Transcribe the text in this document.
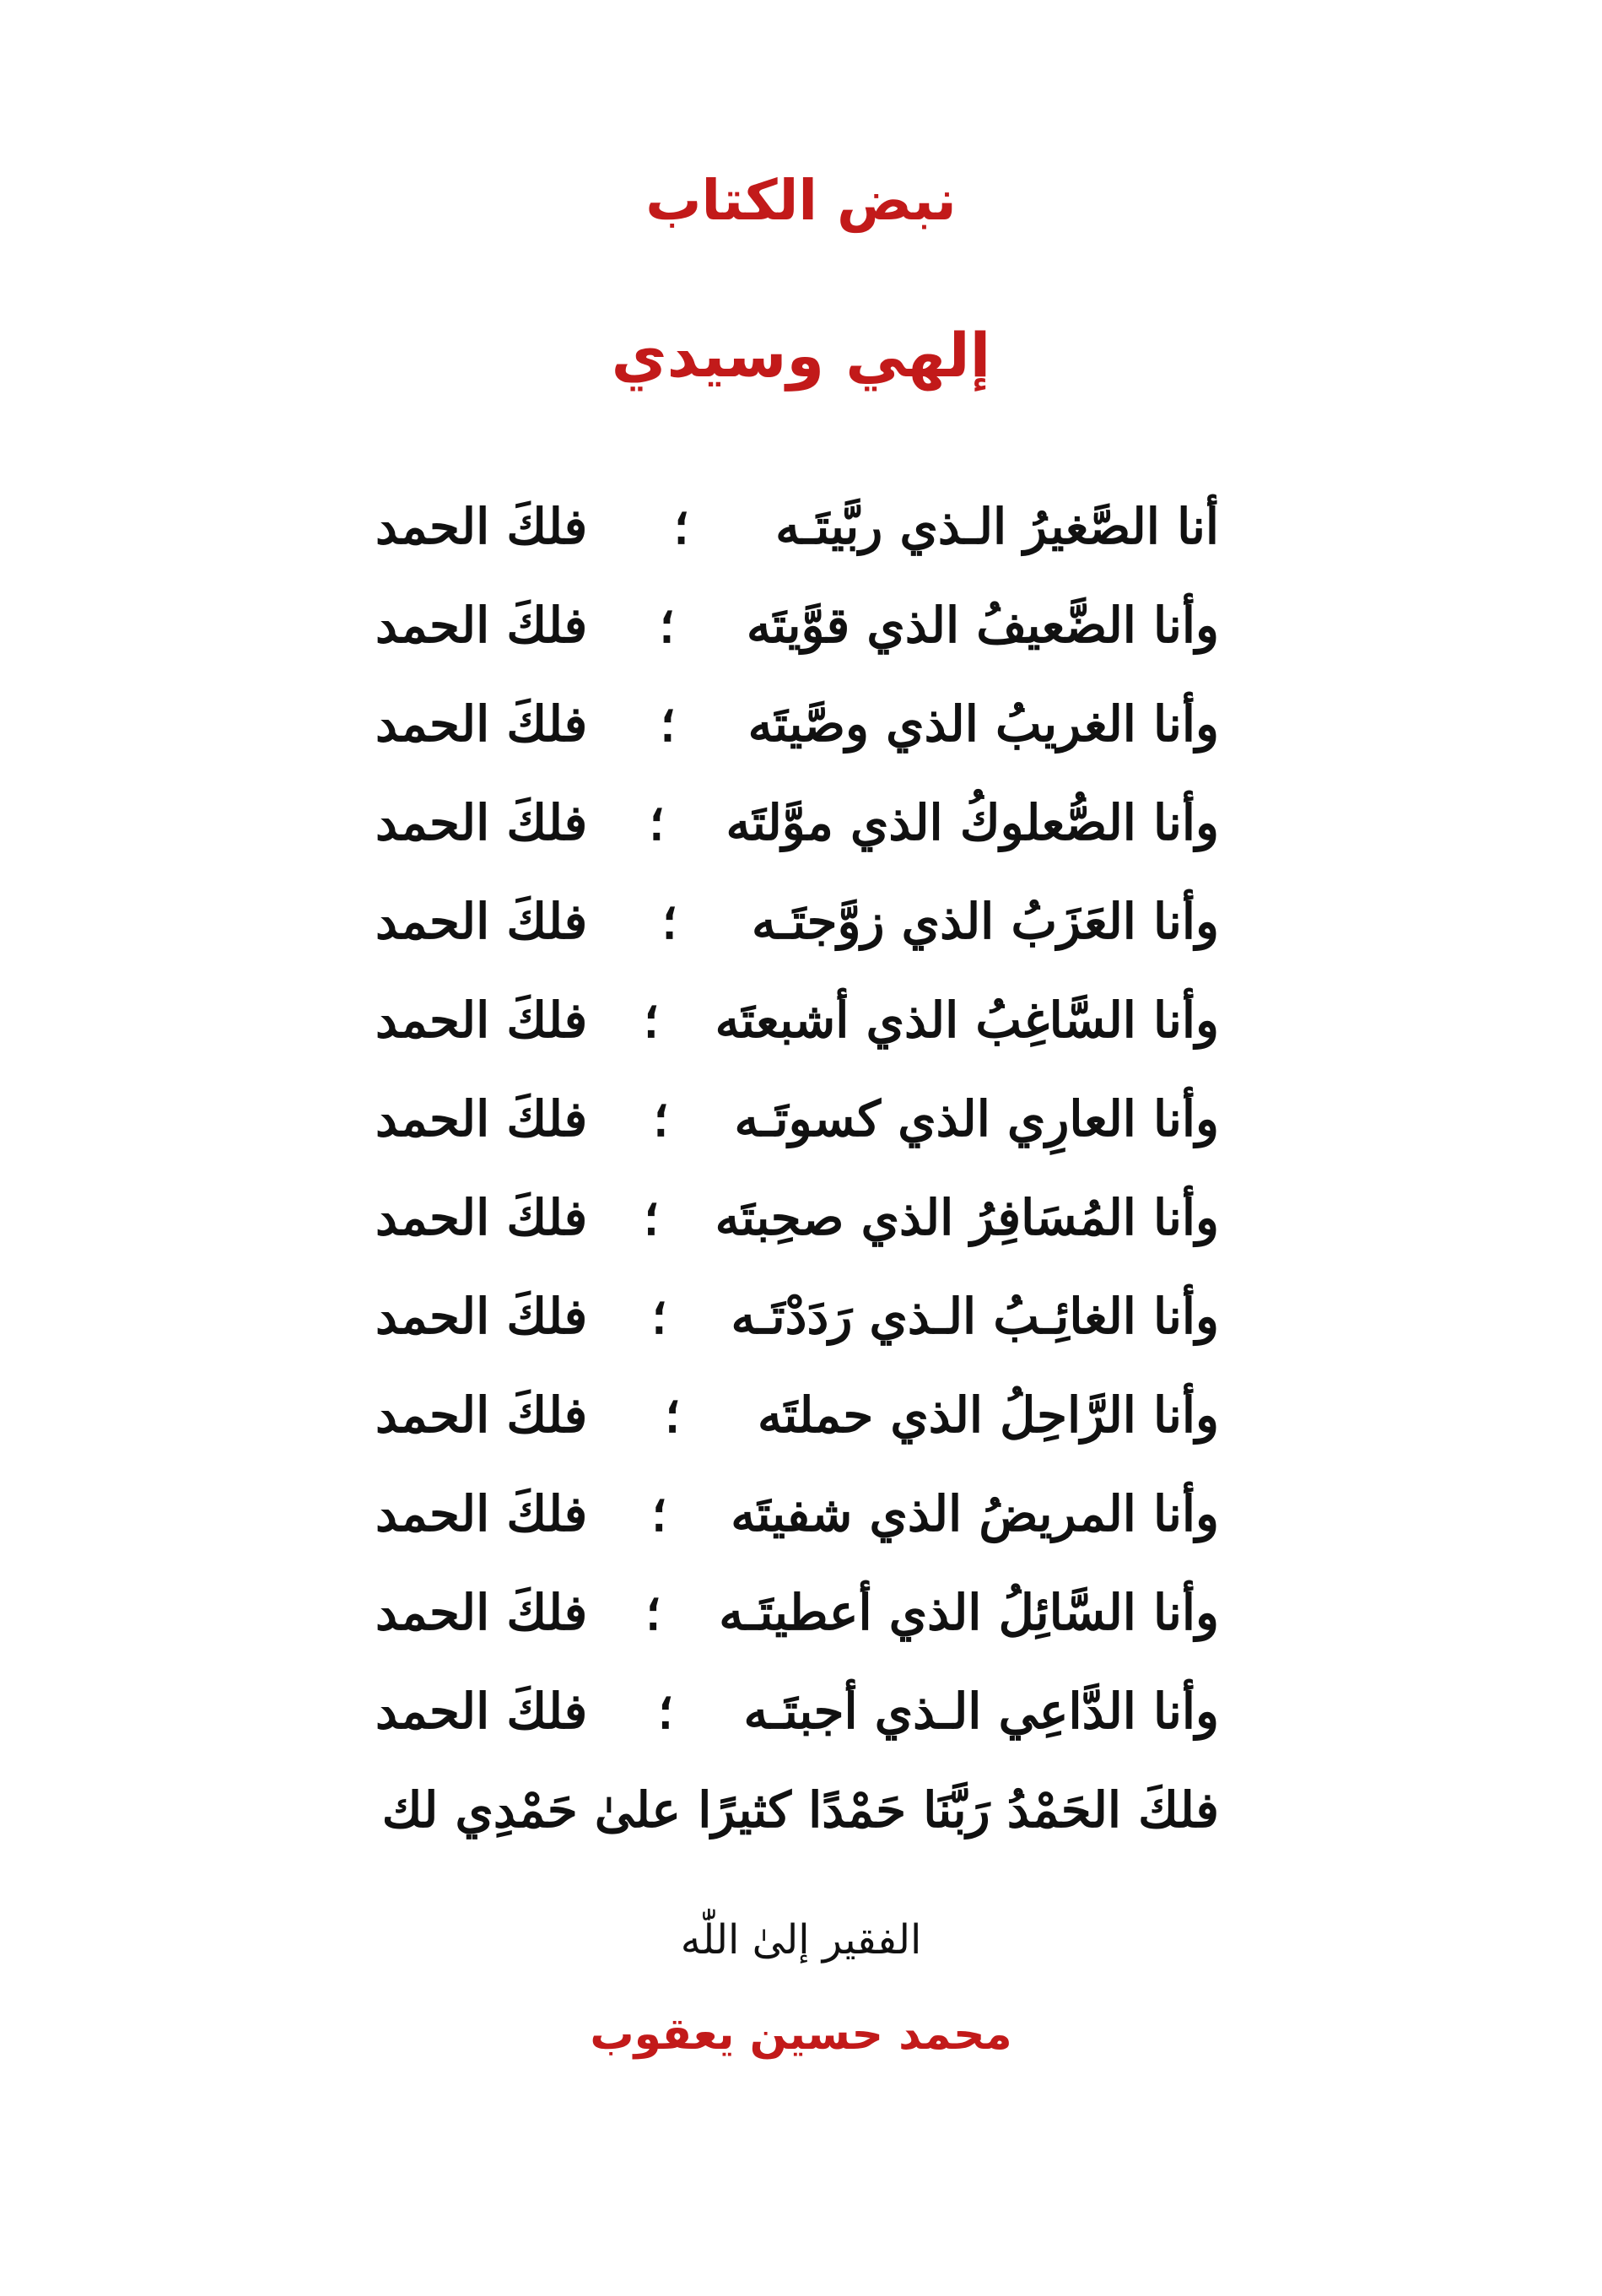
نبض الكتاب
إلهي وسيدي
أنا الصَّغيرُ الـذي ربَّيتَـه
؛
فلكَ الحمد
وأنا الضَّعيفُ الذي قوَّيتَه
؛
فلكَ الحمد
وأنا الغريبُ الذي وصَّيتَه
؛
فلكَ الحمد
وأنا الصُّعلوكُ الذي موَّلتَه
؛
فلكَ الحمد
وأنا العَزَبُ الذي زوَّجتَـه
؛
فلكَ الحمد
وأنا السَّاغِبُ الذي أشبعتَه
؛
فلكَ الحمد
وأنا العارِي الذي كسوتَـه
؛
فلكَ الحمد
وأنا المُسَافِرُ الذي صحِبتَه
؛
فلكَ الحمد
وأنا الغائِـبُ الـذي رَدَدْتَـه
؛
فلكَ الحمد
وأنا الرَّاحِلُ الذي حملتَه
؛
فلكَ الحمد
وأنا المريضُ الذي شفيتَه
؛
فلكَ الحمد
وأنا السَّائِلُ الذي أعطيتَـه
؛
فلكَ الحمد
وأنا الدَّاعِي الـذي أجبتَـه
؛
فلكَ الحمد
فلكَ الحَمْدُ رَبَّنَا حَمْدًا كثيرًا علىٰ حَمْدِي لك
الفقير إلىٰ اللّٰه
محمد حسين يعقوب
